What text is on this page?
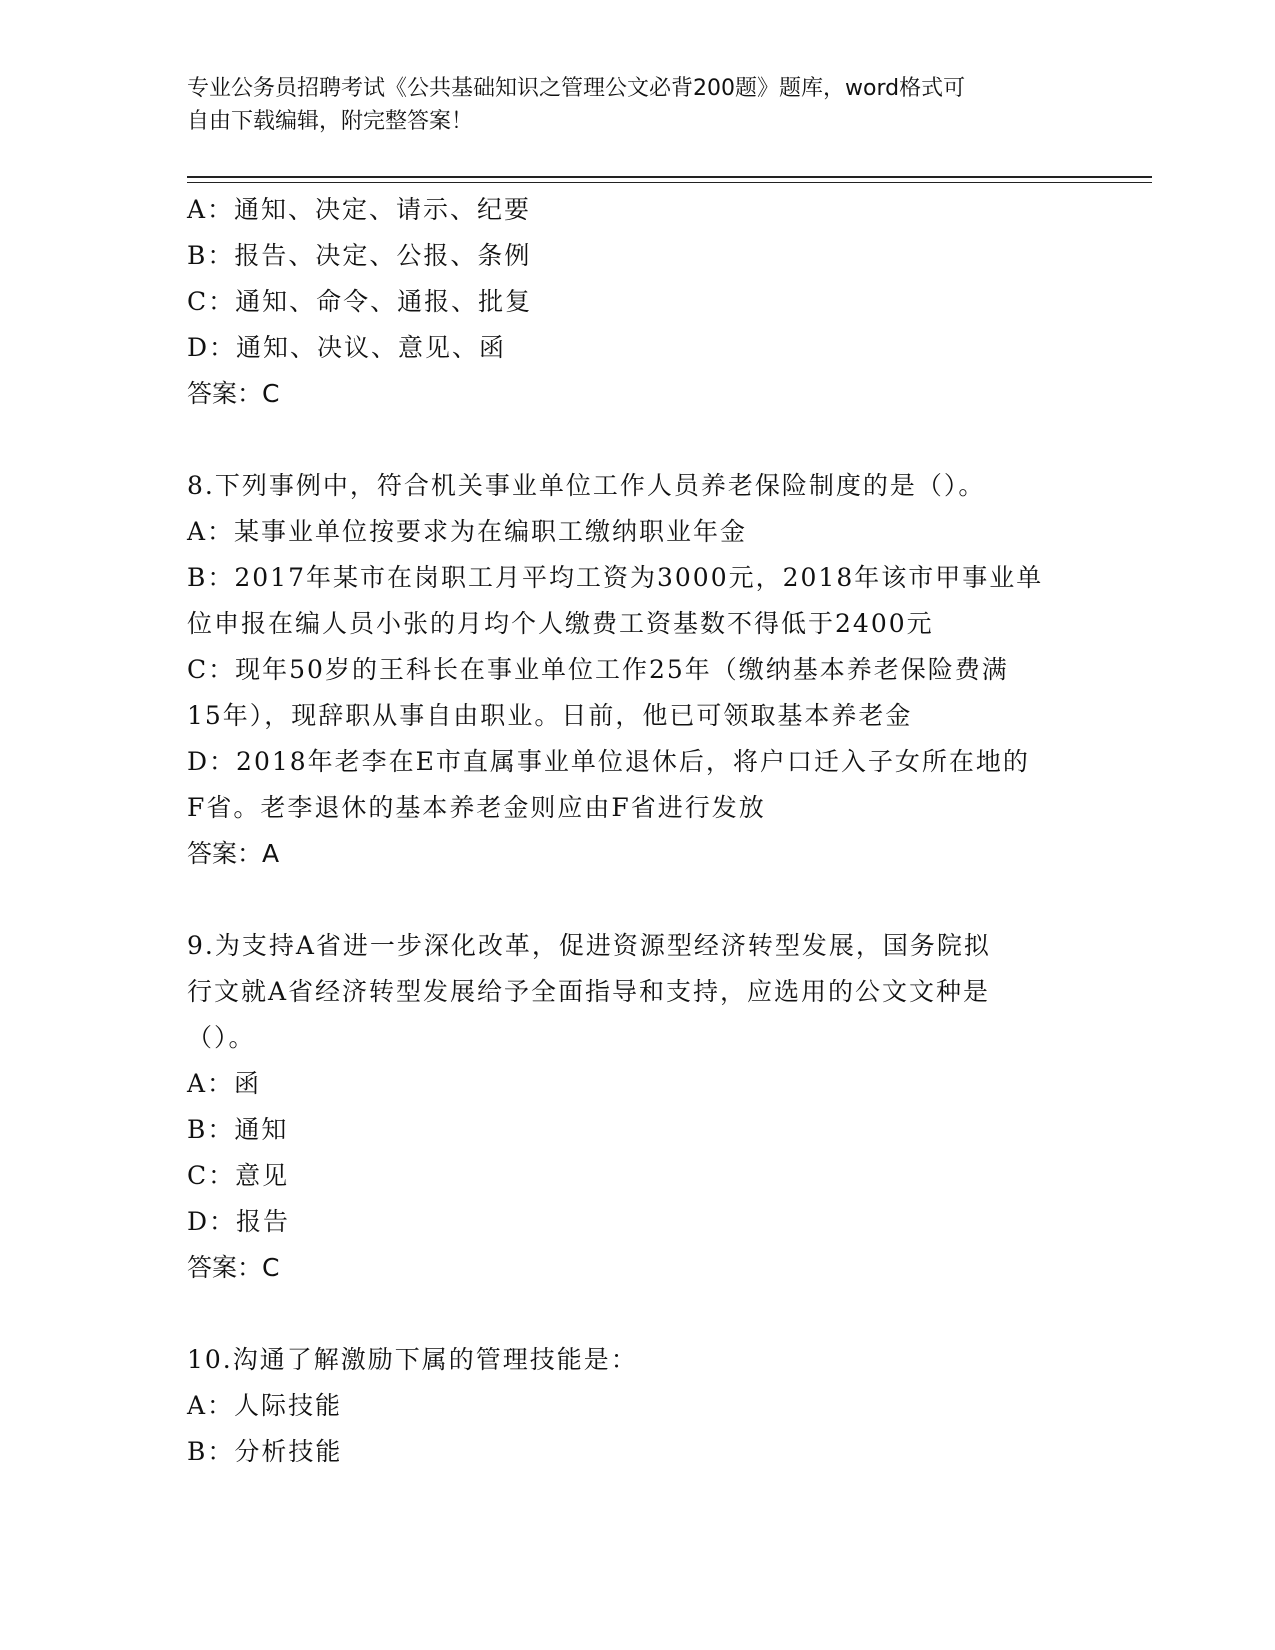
专业公务员招聘考试《公共基础知识之管理公文必背200题》题库，word格式可
自由下载编辑，附完整答案！
A：通知、决定、请示、纪要
B：报告、决定、公报、条例
C：通知、命令、通报、批复
D：通知、决议、意见、函
答案：C
8.下列事例中，符合机关事业单位工作人员养老保险制度的是（）。
A：某事业单位按要求为在编职工缴纳职业年金
B：2017年某市在岗职工月平均工资为3000元，2018年该市甲事业单
位申报在编人员小张的月均个人缴费工资基数不得低于2400元
C：现年50岁的王科长在事业单位工作25年（缴纳基本养老保险费满
15年），现辞职从事自由职业。日前，他已可领取基本养老金
D：2018年老李在E市直属事业单位退休后，将户口迁入子女所在地的
F省。老李退休的基本养老金则应由F省进行发放
答案：A
9.为支持A省进一步深化改革，促进资源型经济转型发展，国务院拟
行文就A省经济转型发展给予全面指导和支持，应选用的公文文种是
（）。
A：函
B：通知
C：意见
D：报告
答案：C
10.沟通了解激励下属的管理技能是：
A：人际技能
B：分析技能
